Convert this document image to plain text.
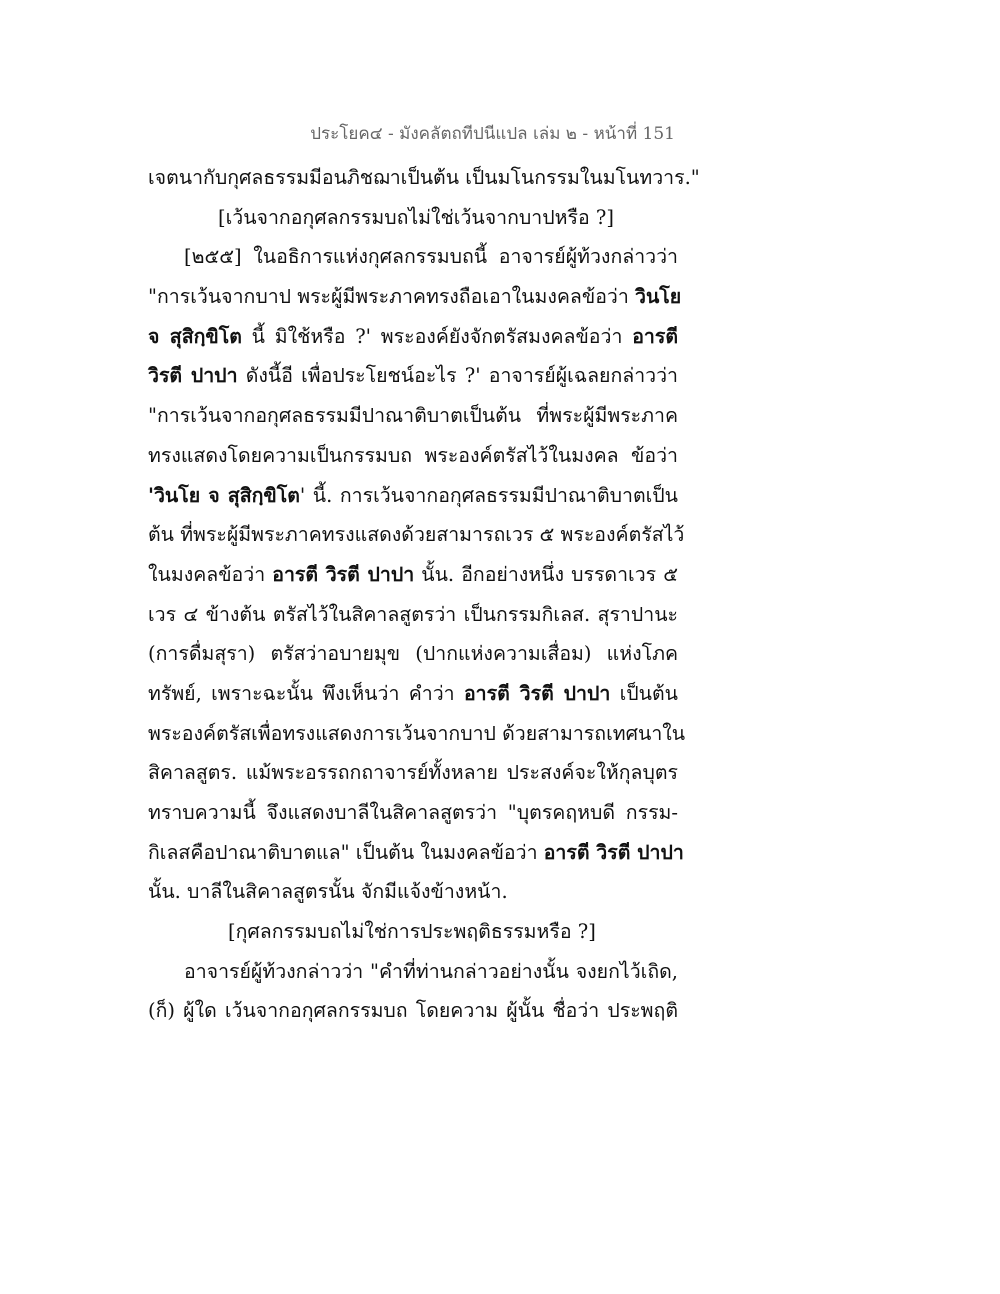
ประโยค๔ - มังคลัตถทีปนีแปล เล่ม ๒ - หน้าที่ 151
เจตนากับกุศลธรรมมีอนภิชฌาเป็นต้น เป็นมโนกรรมในมโนทวาร."
[เว้นจากอกุศลกรรมบถไม่ใช่เว้นจากบาปหรือ ?]
[๒๕๕] ในอธิการแห่งกุศลกรรมบถนี้ อาจารย์ผู้ท้วงกล่าวว่า
"การเว้นจากบาป พระผู้มีพระภาคทรงถือเอาในมงคลข้อว่า วินโย
จ สุสิกฺขิโต นี้ มิใช้หรือ ?' พระองค์ยังจักตรัสมงคลข้อว่า อารตี
วิรตี ปาปา ดังนี้อี เพื่อประโยชน์อะไร ?' อาจารย์ผู้เฉลยกล่าวว่า
"การเว้นจากอกุศลธรรมมีปาณาติบาตเป็นต้น ที่พระผู้มีพระภาค
ทรงแสดงโดยความเป็นกรรมบถ พระองค์ตรัสไว้ในมงคล ข้อว่า
'วินโย จ สุสิกฺขิโต' นี้. การเว้นจากอกุศลธรรมมีปาณาติบาตเป็น
ต้น ที่พระผู้มีพระภาคทรงแสดงด้วยสามารถเวร ๕ พระองค์ตรัสไว้
ในมงคลข้อว่า อารตี วิรตี ปาปา นั้น. อีกอย่างหนึ่ง บรรดาเวร ๕
เวร ๔ ข้างต้น ตรัสไว้ในสิคาลสูตรว่า เป็นกรรมกิเลส. สุราปานะ
(การดื่มสุรา) ตรัสว่าอบายมุข (ปากแห่งความเสื่อม) แห่งโภค
ทรัพย์, เพราะฉะนั้น พึงเห็นว่า คำว่า อารตี วิรตี ปาปา เป็นต้น
พระองค์ตรัสเพื่อทรงแสดงการเว้นจากบาป ด้วยสามารถเทศนาใน
สิคาลสูตร. แม้พระอรรถกถาจารย์ทั้งหลาย ประสงค์จะให้กุลบุตร
ทราบความนี้ จึงแสดงบาลีในสิคาลสูตรว่า "บุตรคฤหบดี กรรม-
กิเลสคือปาณาติบาตแล" เป็นต้น ในมงคลข้อว่า อารตี วิรตี ปาปา
นั้น. บาลีในสิคาลสูตรนั้น จักมีแจ้งข้างหน้า.
[กุศลกรรมบถไม่ใช่การประพฤติธรรมหรือ ?]
อาจารย์ผู้ท้วงกล่าวว่า "คำที่ท่านกล่าวอย่างนั้น จงยกไว้เถิด,
(ก็) ผู้ใด เว้นจากอกุศลกรรมบถ โดยความ ผู้นั้น ชื่อว่า ประพฤติ
